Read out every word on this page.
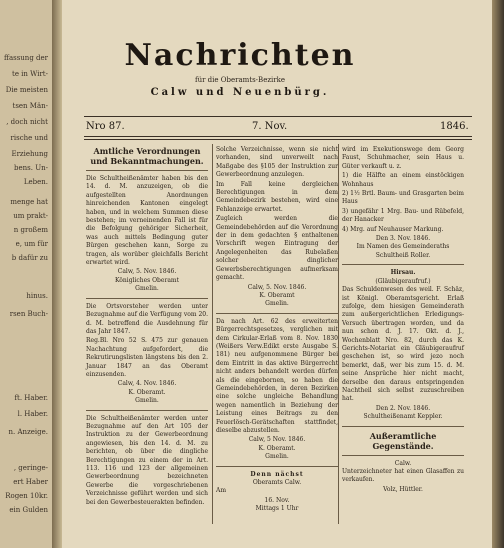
ffassung der
te in Wirt-
Die meisten
tsen Män-
, doch nicht
rische und
Erziehung
bens. Un-
Leben.
menge hat
um prakt-
n großem
e, um für
b dafür zu
hinus.
rsen Buch-
ft. Haber.
l. Haber.
n. Anzeige.
, geringe-
ert Haber
Rogen 10kr.
ein Gulden
Nachrichten
für die Oberamts-Bezirke
Calw und Neuenbürg.
Nro 87.	7. Nov.	1846.
Amtliche Verordnungen und Bekanntmachungen.
Die Schultheißenämter haben bis den 14. d. M. anzuzeigen, ob die aufgestellten Anordnungen hinreichenden Kantonen eingelegt haben, und in welchem Summen diese bestehen; im verneinenden Fall ist für die Befolgung gehöriger Sicherheit, was auch mittels Bedingung guter Bürgen geschehen kann, Sorge zu tragen, als worüber gleichfalls Bericht erwartet wird.
Calw, 5. Nov. 1846.
Königliches Oberamt
Gmelin.
Die Ortsvorsteher werden unter Bezugnahme auf die Verfügung vom 20. d. M. betreffend die Ausdehnung für das Jahr 1847.
Reg.Bl. Nro 52 S. 475 zur genauen Nachachtung aufgefordert, die Rekrutirungslisten längstens bis den 2. Januar 1847 an das Oberamt einzusenden.
Calw, 4. Nov. 1846.
K. Oberamt.
Gmelin.
Die Schultheißenämter werden unter Bezugnahme auf den Art 105 der Instruktion zu der Gewerbeordnung angewiesen, bis den 14. d. M. zu berichten, ob über die dingliche Berechtigungen zu einem der in Art. 113. 116 und 123 der allgemeinen Gewerbeordnung bezeichneten Gewerbe die vorgeschriebenen Verzeichnisse geführt werden und sich bei den Gewerbesteuerakten befinden.
Solche Verzeichnisse, wenn sie nicht vorhanden, sind unverweilt nach Maßgabe des §105 der Instruktion zur Gewerbeordnung anzulegen.
Im Fall keine dergleichen Berechtigungen in dem Gemeindebezirk bestehen, wird eine Fehlanzeige erwartet.
Zugleich werden die Gemeindebehörden auf die Verordnung der in dem gedachten § enthaltenen Vorschrift wegen Eintragung der Angelegenheiten das Rubelaßen solcher dinglicher Gewerbsberechtigungen aufmerksam gemacht.
Calw, 5. Nov. 1846.
K. Oberamt
Gmelin.
Da nach Art. 62 des erweiterten Bürgerrechtsgesetzes, verglichen mit dem Cirkular-Erlaß vom 8. Nov. 1830 (Weißers Verw.Edikt erste Ausgabe S. 181) neu aufgenommene Bürger bei dem Eintritt in das aktive Bürgerrecht nicht anders behandelt werden dürfen als die eingebornen, so haben die Gemeindebehörden, in deren Bezirken eine solche ungleiche Behandlung wegen namentlich in Beziehung der Leistung eines Beitrags zu den Feuerlösch-Gerätschaften stattfindet, dieselbe abzustellen.
Calw, 5 Nov. 1846.
K. Oberamt.
Gmelin.
Denn nächst
Oberamts Calw.
Am
16. Nov.
Mittags 1 Uhr
wird im Exekutionswege dem Georg Faust, Schuhmacher, sein Haus u. Güter verkauft u. z.
1) die Hälfte an einem einstöckigen Wohnhaus
2) 1½ Brtl. Baum- und Grasgarten beim Haus
3) ungefähr 1 Mrg. Bau- und Rübefeld, der Hanacker
4) Mrg. auf Neuhauser Markung.
Den 3. Nov. 1846.
Im Namen des Gemeinderaths Schultheiß Roller.
Hirsau.
(Gläubigeraufruf.)
Das Schuldenwesen des weil. F. Schäz, ist Königl. Oberamtsgericht. Erlaß zufolge, dem hiesigen Gemeinderath zum außergerichtlichen Erledigungs-Versuch übertragen worden, und da nun schon d. J. 17. Okt. d. J., Wochenblatt Nro. 82, durch das K. Gerichts-Notariat ein Gläubigeraufruf geschehen ist, so wird jezo noch bemerkt, daß, wer bis zum 15. d. M. seine Ansprüche hier nicht macht, derselbe den daraus entspringenden Nachtheil sich selbst zuzuschreiben hat.
Den 2. Nov. 1846.
Schultheißenamt Keppler.
Außeramtliche Gegenstände.
Calw.
Unterzeichneter hat einen Glasaffen zu verkaufen.
Volz, Hüttler.
